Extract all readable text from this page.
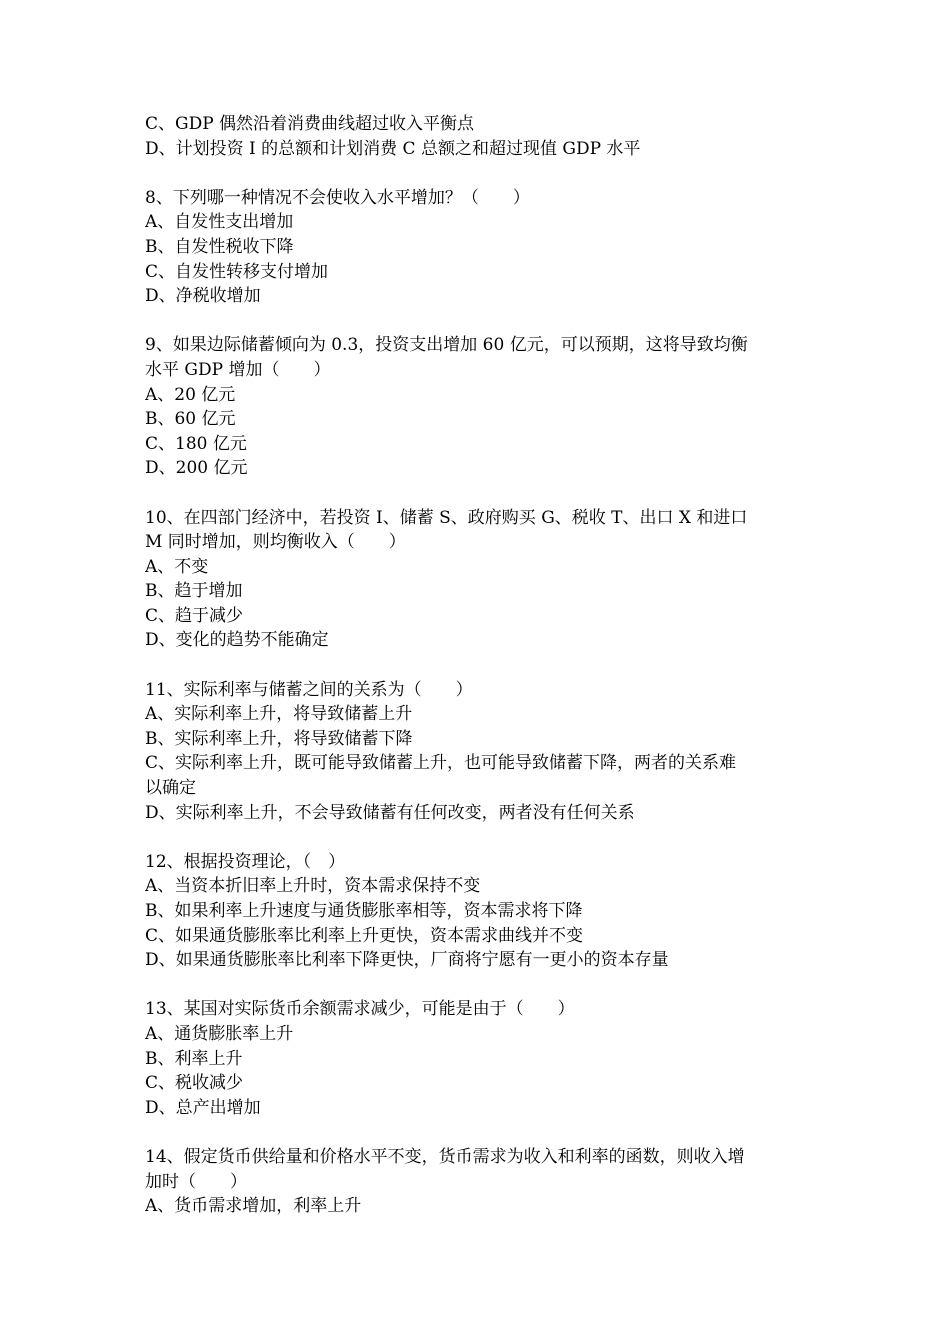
C、GDP 偶然沿着消费曲线超过收入平衡点
D、计划投资 I 的总额和计划消费 C 总额之和超过现值 GDP 水平
8、下列哪一种情况不会使收入水平增加？（　　）
A、自发性支出增加
B、自发性税收下降
C、自发性转移支付增加
D、净税收增加
9、如果边际储蓄倾向为 0.3，投资支出增加 60 亿元，可以预期，这将导致均衡
水平 GDP 增加（　　）
A、20 亿元
B、60 亿元
C、180 亿元
D、200 亿元
10、在四部门经济中，若投资 I、储蓄 S、政府购买 G、税收 T、出口 X 和进口
M 同时增加，则均衡收入（　　）
A、不变
B、趋于增加
C、趋于减少
D、变化的趋势不能确定
11、实际利率与储蓄之间的关系为（　　）
A、实际利率上升，将导致储蓄上升
B、实际利率上升，将导致储蓄下降
C、实际利率上升，既可能导致储蓄上升，也可能导致储蓄下降，两者的关系难
以确定
D、实际利率上升，不会导致储蓄有任何改变，两者没有任何关系
12、根据投资理论，（　）
A、当资本折旧率上升时，资本需求保持不变
B、如果利率上升速度与通货膨胀率相等，资本需求将下降
C、如果通货膨胀率比利率上升更快，资本需求曲线并不变
D、如果通货膨胀率比利率下降更快，厂商将宁愿有一更小的资本存量
13、某国对实际货币余额需求减少，可能是由于（　　）
A、通货膨胀率上升
B、利率上升
C、税收减少
D、总产出增加
14、假定货币供给量和价格水平不变，货币需求为收入和利率的函数，则收入增
加时（　　）
A、货币需求增加，利率上升
